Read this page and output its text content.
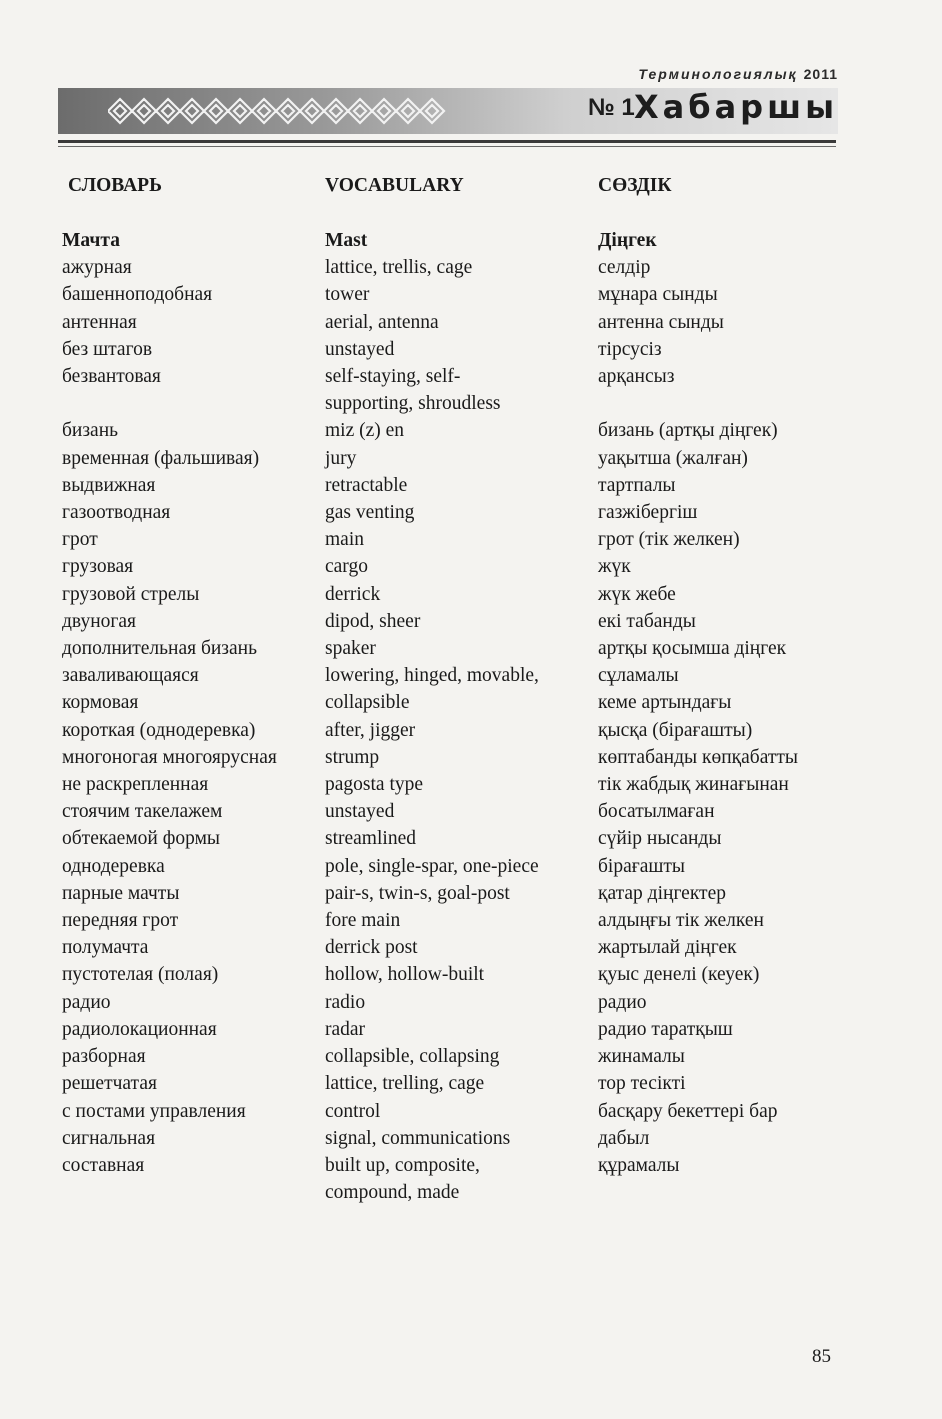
Терминологиялық 2011
№ 1 Хабаршы
СЛОВАРЬ
Мачта
ажурная
башенноподобная
антенная
без штагов
безвантовая

бизань
временная (фальшивая)
выдвижная
газоотводная
грот
грузовая
грузовой стрелы
двуногая
дополнительная бизань
заваливающаяся
кормовая
короткая (однодеревка)
многоногая многоярусная
не раскрепленная
стоячим такелажем
обтекаемой формы
однодеревка
парные мачты
передняя грот
полумачта
пустотелая (полая)
радио
радиолокационная
разборная
решетчатая
с постами управления
сигнальная
составная
VOCABULARY
Mast
lattice, trellis, cage
tower
aerial, antenna
unstayed
self-staying, self-
supporting, shroudless
miz (z) en
jury
retractable
gas venting
main
cargo
derrick
dipod, sheer
spaker
lowering, hinged, movable,
collapsible
after, jigger
strump
pagosta type
unstayed
streamlined
pole, single-spar, one-piece
pair-s, twin-s, goal-post
fore main
derrick post
hollow, hollow-built
radio
radar
collapsible, collapsing
lattice, trelling, cage
control
signal, communications
built up, composite,
compound, made
СӨЗДІК
Діңгек
селдір
мұнара сынды
антенна сынды
тірсусіз
арқансыз

бизань (артқы діңгек)
уақытша (жалған)
тартпалы
газжібергіш
грот (тік желкен)
жүк
жүк жебе
екі табанды
артқы қосымша діңгек
сұламалы
кеме артындағы
қысқа (бірағашты)
көптабанды көпқабатты
тік жабдық жинағынан
босатылмаған
сүйір нысанды
бірағашты
қатар діңгектер
алдыңғы тік желкен
жартылай діңгек
қуыс денелі (кеуек)
радио
радио таратқыш
жинамалы
тор тесікті
басқару бекеттері бар
дабыл
құрамалы
85
